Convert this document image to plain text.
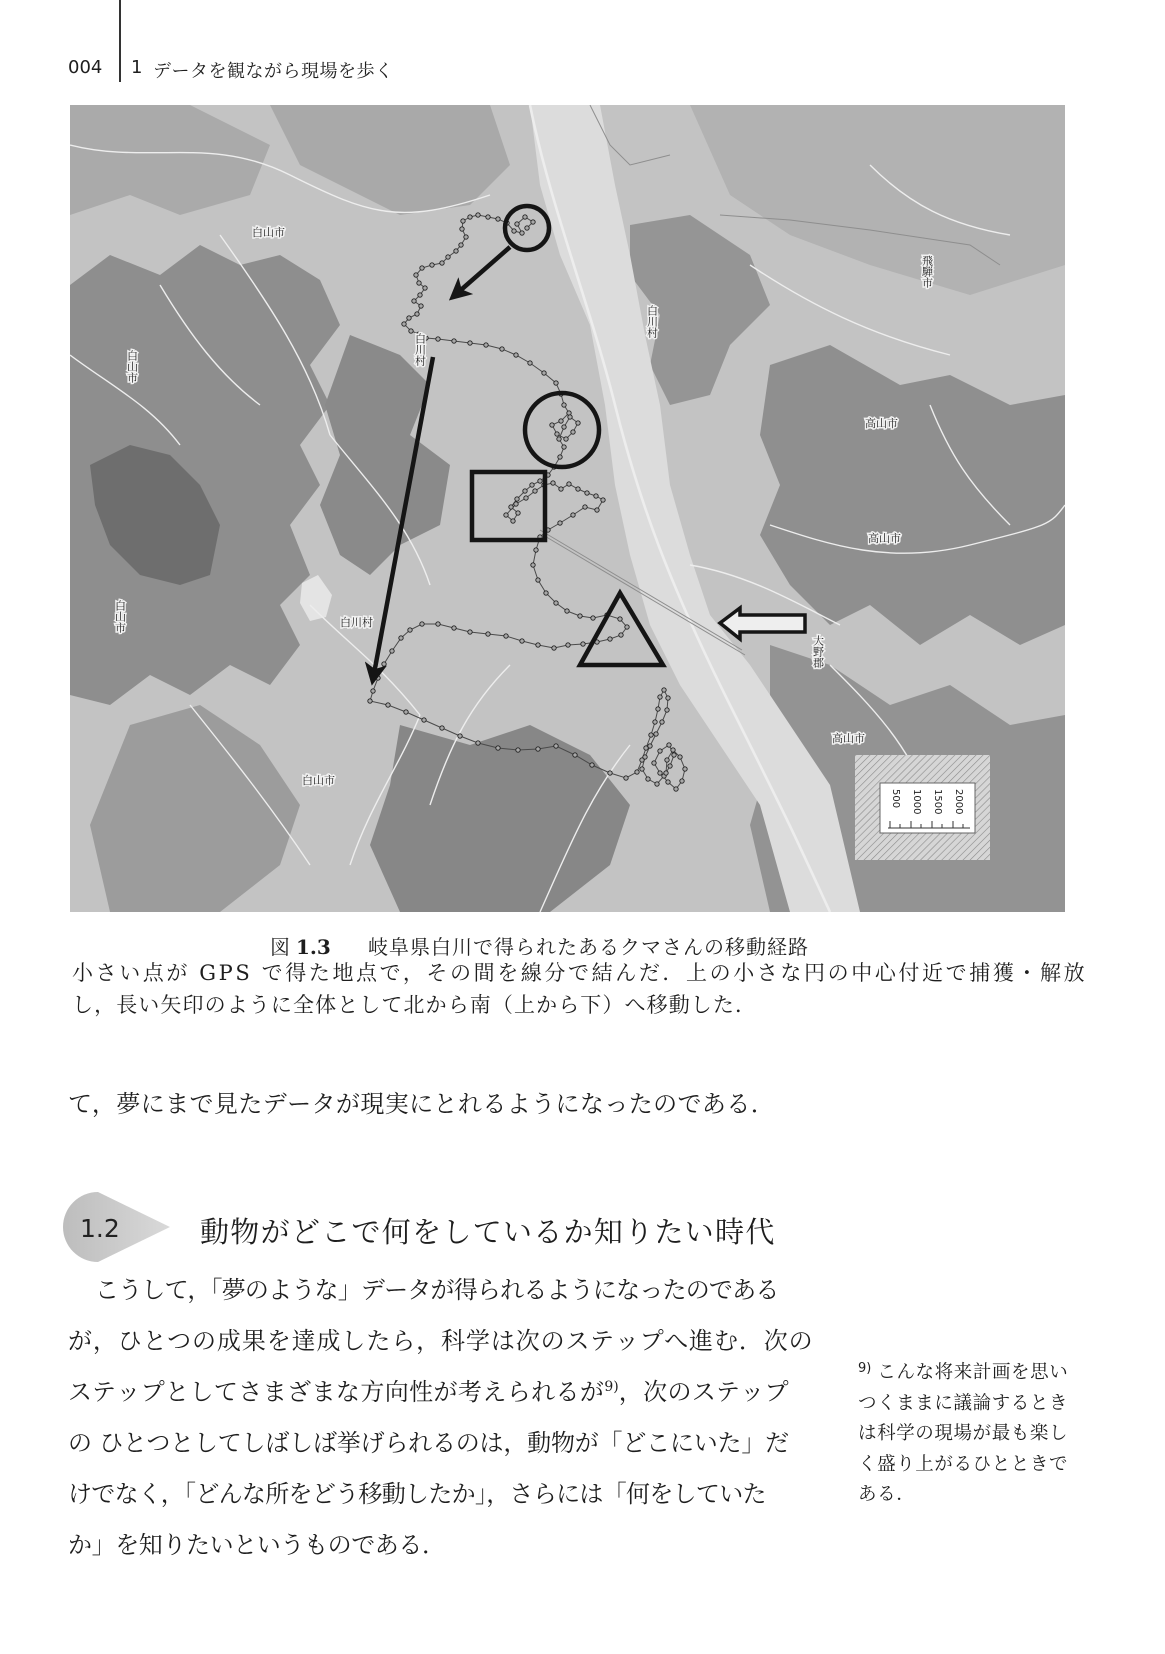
004 1 データを観ながら現場を歩く
白山市
白山市
白川村
白川村
飛騨市
高山市
高山市
白山市	白川村
大野郡
高山市
白山市
500 1000 1500 2000
図 1.3 岐阜県白川で得られたあるクマさんの移動経路
小さい点が GPS で得た地点で，その間を線分で結んだ．上の小さな円の中心付近で捕獲・解放
し，長い矢印のように全体として北から南（上から下）へ移動した．
て，夢にまで見たデータが現実にとれるようになったのである．
1.2	動物がどこで何をしているか知りたい時代
こうして，「夢のような」データが得られるようになったのである
が，ひとつの成果を達成したら，科学は次のステップへ進む．次の
ステップとしてさまざまな方向性が考えられるが$^{9)}$，次のステップ
の ひとつとしてしばしば挙げられるのは，動物が「どこにいた」だ
けでなく，「どんな所をどう移動したか」，さらには「何をしていた
か」を知りたいというものである．
$^{9)}$ こんな将来計画を思い
つくままに議論するとき
は科学の現場が最も楽し
く盛り上がるひとときで
ある．
